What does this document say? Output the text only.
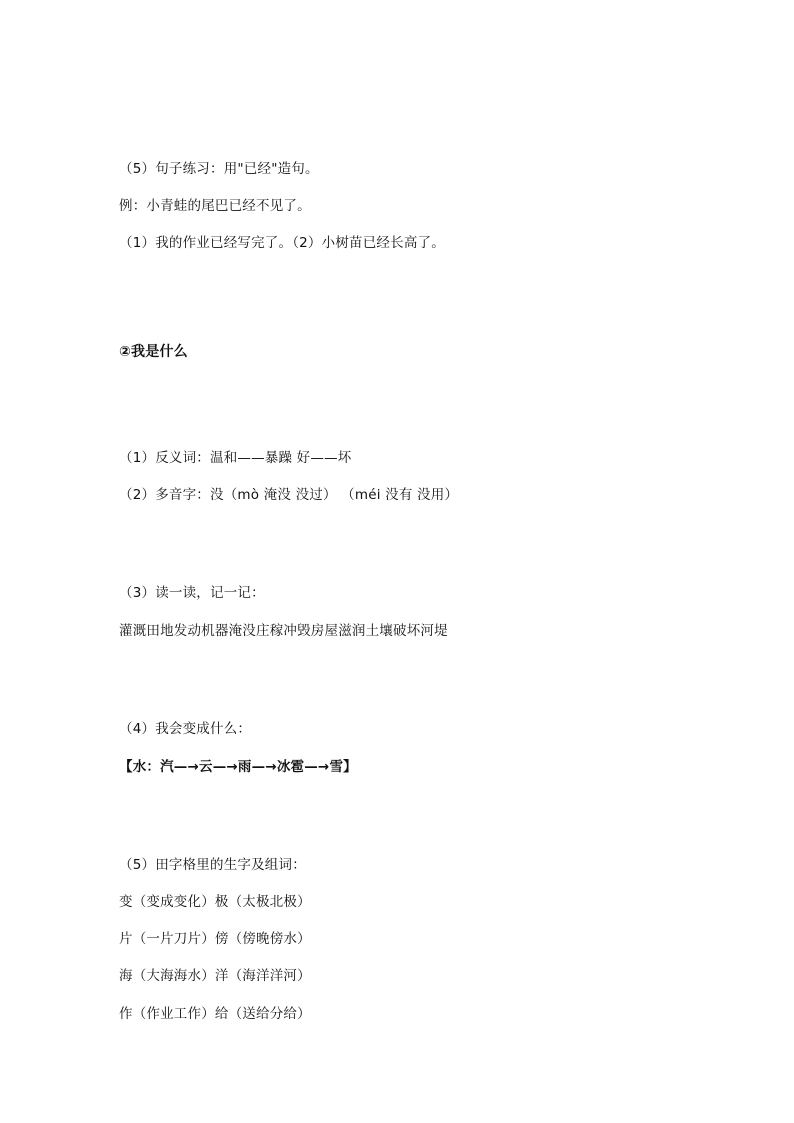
（5）句子练习：用"已经"造句。
例：小青蛙的尾巴已经不见了。
（1）我的作业已经写完了。（2）小树苗已经长高了。
②我是什么
（1）反义词：温和——暴躁 好——坏
（2）多音字：没（mò 淹没 没过） （méi 没有 没用）
（3）读一读，记一记：
灌溉田地发动机器淹没庄稼冲毁房屋滋润土壤破坏河堤
（4）我会变成什么：
【水：汽—→云—→雨—→冰雹—→雪】
（5）田字格里的生字及组词：
变（变成变化）极（太极北极）
片（一片刀片）傍（傍晚傍水）
海（大海海水）洋（海洋洋河）
作（作业工作）给（送给分给）
